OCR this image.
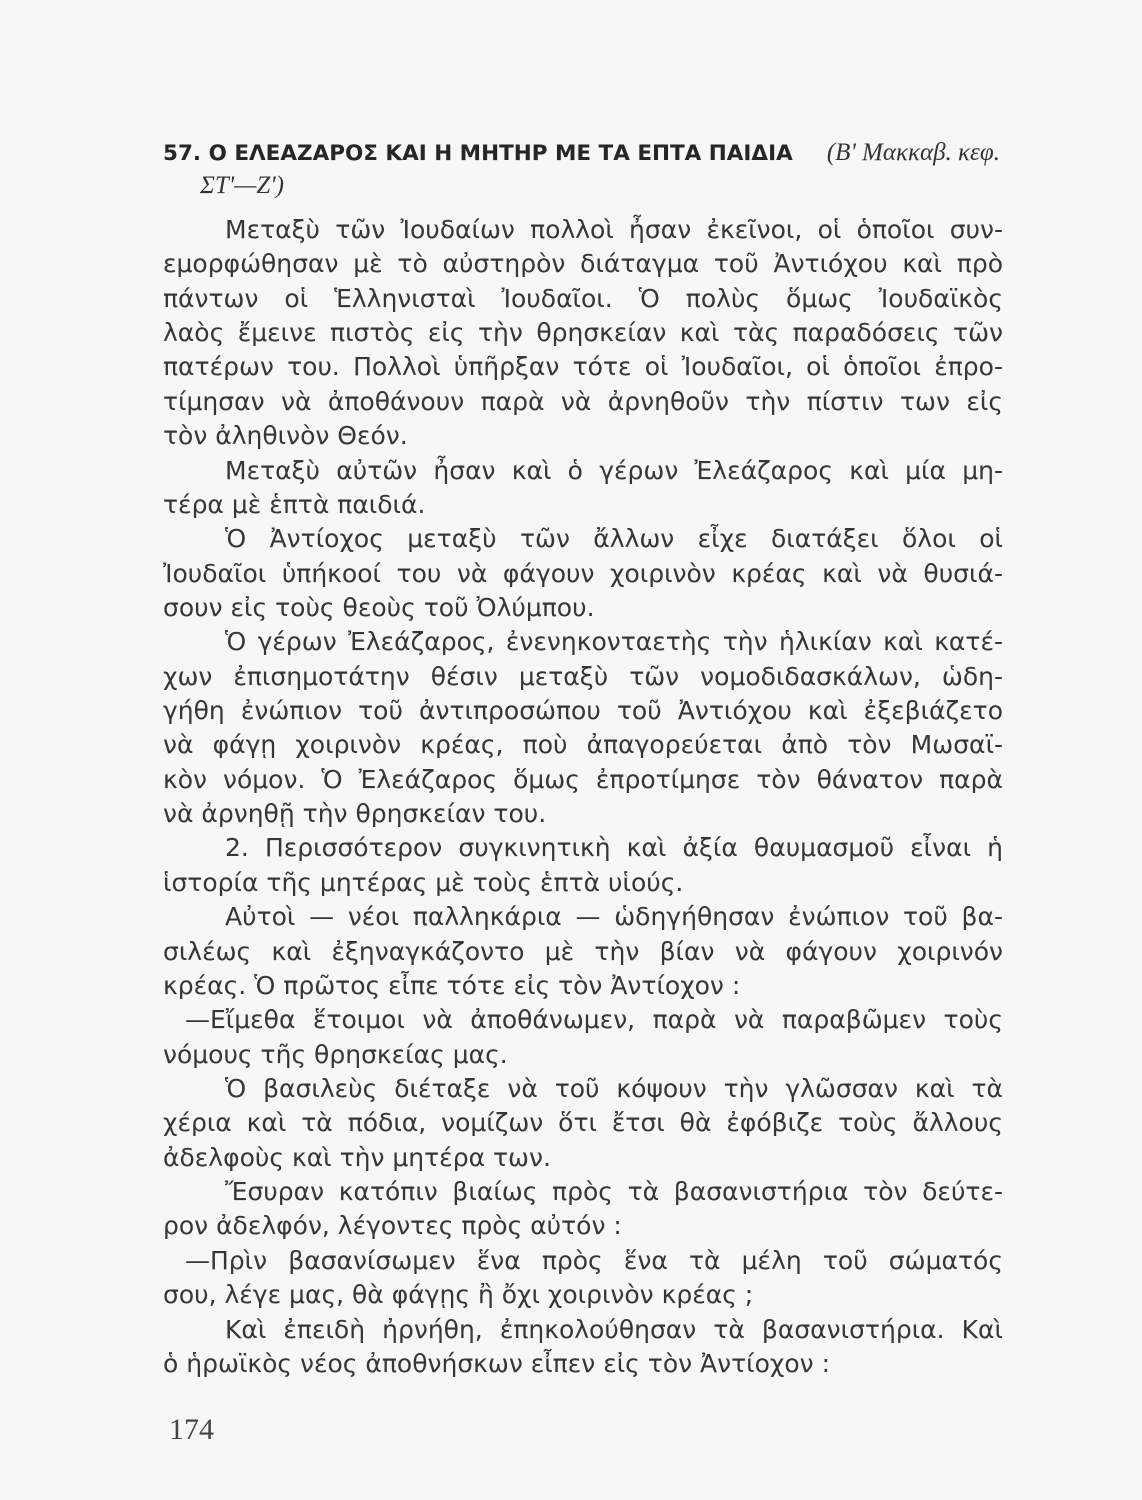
57. Ο ΕΛΕΑΖΑΡΟΣ ΚΑΙ Η ΜΗΤΗΡ ΜΕ ΤΑ ΕΠΤΑ ΠΑΙΔΙΑ (Β' Μακκαβ. κεφ.
ΣΤ'—Ζ')
Μεταξὺ τῶν Ἰουδαίων πολλοὶ ἦσαν ἐκεῖνοι, οἱ ὁποῖοι συν-
εμορφώθησαν μὲ τὸ αὐστηρὸν διάταγμα τοῦ Ἀντιόχου καὶ πρὸ
πάντων οἱ Ἑλληνισταὶ Ἰουδαῖοι. Ὁ πολὺς ὅμως Ἰουδαϊκὸς
λαὸς ἔμεινε πιστὸς εἰς τὴν θρησκείαν καὶ τὰς παραδόσεις τῶν
πατέρων του. Πολλοὶ ὑπῆρξαν τότε οἱ Ἰουδαῖοι, οἱ ὁποῖοι ἐπρο-
τίμησαν νὰ ἀποθάνουν παρὰ νὰ ἀρνηθοῦν τὴν πίστιν των εἰς
τὸν ἀληθινὸν Θεόν.
Μεταξὺ αὐτῶν ἦσαν καὶ ὁ γέρων Ἐλεάζαρος καὶ μία μη-
τέρα μὲ ἑπτὰ παιδιά.
Ὁ Ἀντίοχος μεταξὺ τῶν ἄλλων εἶχε διατάξει ὅλοι οἱ
Ἰουδαῖοι ὑπήκοοί του νὰ φάγουν χοιρινὸν κρέας καὶ νὰ θυσιά-
σουν εἰς τοὺς θεοὺς τοῦ Ὀλύμπου.
Ὁ γέρων Ἐλεάζαρος, ἐνενηκονταετὴς τὴν ἡλικίαν καὶ κατέ-
χων ἐπισημοτάτην θέσιν μεταξὺ τῶν νομοδιδασκάλων, ὡδη-
γήθη ἐνώπιον τοῦ ἀντιπροσώπου τοῦ Ἀντιόχου καὶ ἐξεβιάζετο
νὰ φάγῃ χοιρινὸν κρέας, ποὺ ἀπαγορεύεται ἀπὸ τὸν Μωσαϊ-
κὸν νόμον. Ὁ Ἐλεάζαρος ὅμως ἐπροτίμησε τὸν θάνατον παρὰ
νὰ ἀρνηθῇ τὴν θρησκείαν του.
2. Περισσότερον συγκινητικὴ καὶ ἀξία θαυμασμοῦ εἶναι ἡ
ἱστορία τῆς μητέρας μὲ τοὺς ἑπτὰ υἱούς.
Αὐτοὶ — νέοι παλληκάρια — ὡδηγήθησαν ἐνώπιον τοῦ βα-
σιλέως καὶ ἐξηναγκάζοντο μὲ τὴν βίαν νὰ φάγουν χοιρινόν
κρέας. Ὁ πρῶτος εἶπε τότε εἰς τὸν Ἀντίοχον :
—Εἴμεθα ἕτοιμοι νὰ ἀποθάνωμεν, παρὰ νὰ παραβῶμεν τοὺς
νόμους τῆς θρησκείας μας.
Ὁ βασιλεὺς διέταξε νὰ τοῦ κόψουν τὴν γλῶσσαν καὶ τὰ
χέρια καὶ τὰ πόδια, νομίζων ὅτι ἔτσι θὰ ἐφόβιζε τοὺς ἄλλους
ἀδελφοὺς καὶ τὴν μητέρα των.
Ἔσυραν κατόπιν βιαίως πρὸς τὰ βασανιστήρια τὸν δεύτε-
ρον ἀδελφόν, λέγοντες πρὸς αὐτόν :
—Πρὶν βασανίσωμεν ἕνα πρὸς ἕνα τὰ μέλη τοῦ σώματός
σου, λέγε μας, θὰ φάγῃς ἢ ὄχι χοιρινὸν κρέας ;
Καὶ ἐπειδὴ ἠρνήθη, ἐπηκολούθησαν τὰ βασανιστήρια. Καὶ
ὁ ἡρωϊκὸς νέος ἀποθνήσκων εἶπεν εἰς τὸν Ἀντίοχον :
174
